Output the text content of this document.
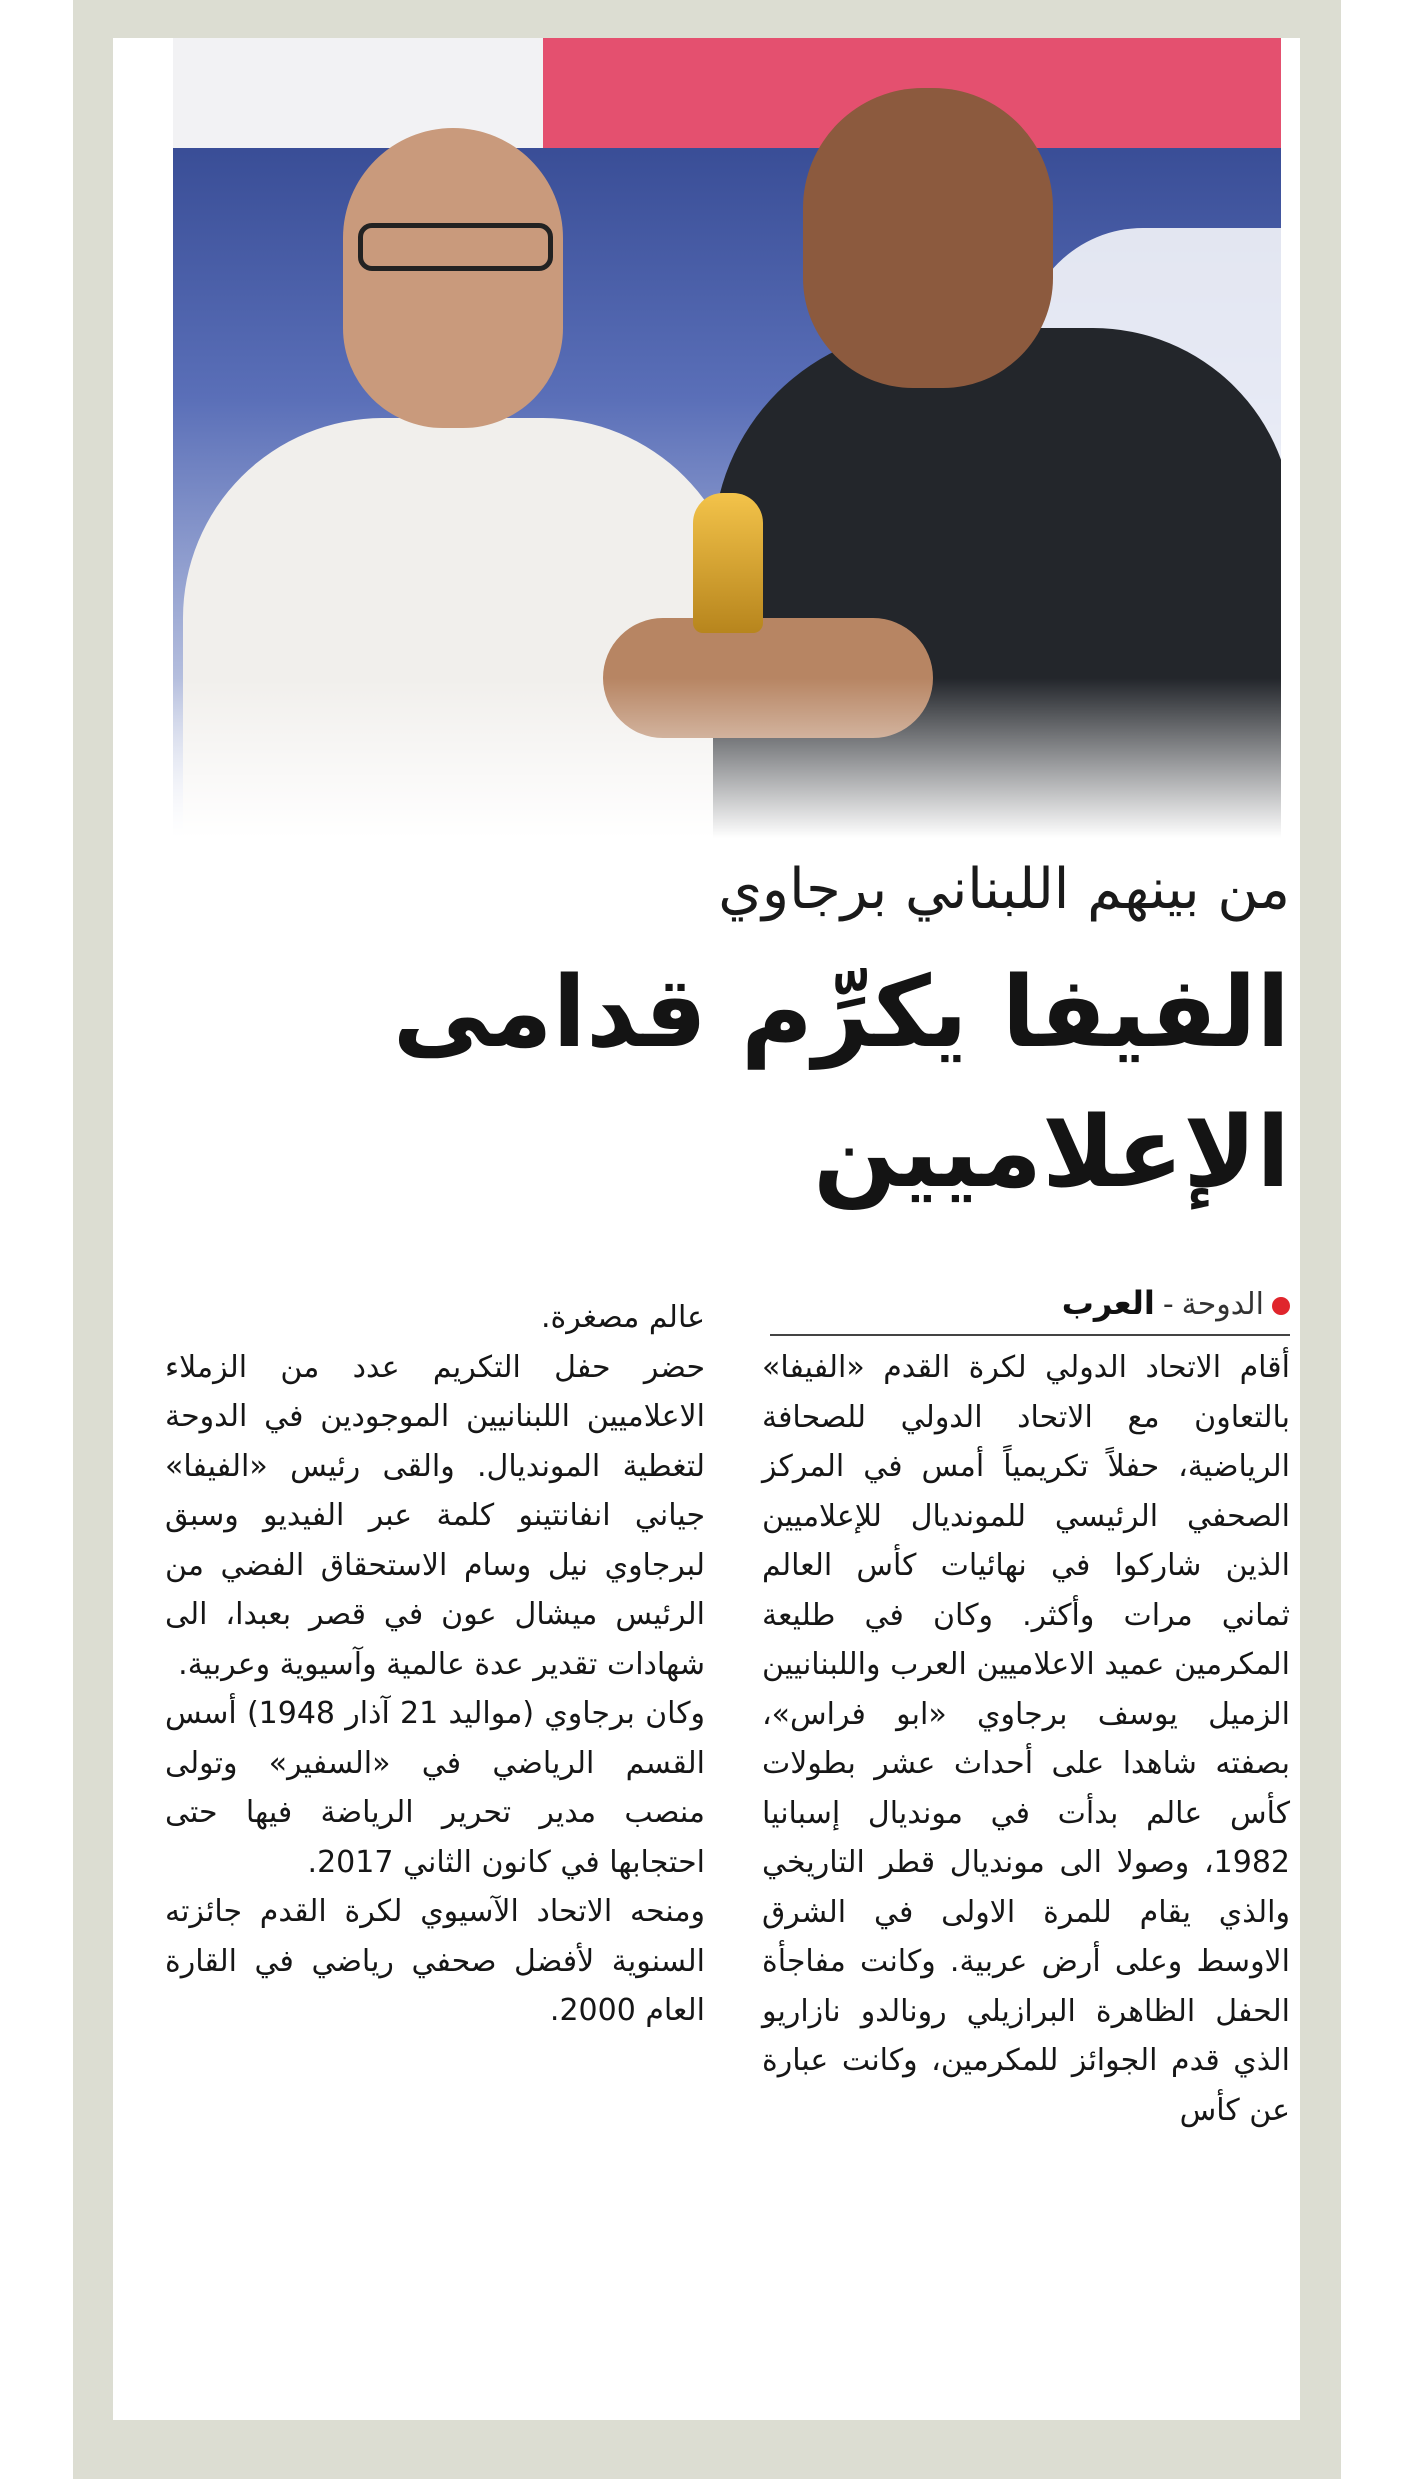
من بينهم اللبناني برجاوي
الفيفا يكرِّم قدامى
الإعلاميين
الدوحة-العرب

أقام الاتحاد الدولي لكرة القدم «الفيفا» بالتعاون مع الاتحاد الدولي للصحافة الرياضية، حفلاً تكريمياً أمس في المركز الصحفي الرئيسي للمونديال للإعلاميين الذين شاركوا في نهائيات كأس العالم ثماني مرات وأكثر. وكان في طليعة المكرمين عميد الاعلاميين العرب واللبنانيين الزميل يوسف برجاوي «ابو فراس»، بصفته شاهدا على أحداث عشر بطولات كأس عالم بدأت في مونديال إسبانيا 1982، وصولا الى مونديال قطر التاريخي والذي يقام للمرة الاولى في الشرق الاوسط وعلى أرض عربية. وكانت مفاجأة الحفل الظاهرة البرازيلي رونالدو نازاريو الذي قدم الجوائز للمكرمين، وكانت عبارة عن كأس

عالم مصغرة.

حضر حفل التكريم عدد من الزملاء الاعلاميين اللبنانيين الموجودين في الدوحة لتغطية المونديال. والقى رئيس «الفيفا» جياني انفانتينو كلمة عبر الفيديو وسبق لبرجاوي نيل وسام الاستحقاق الفضي من الرئيس ميشال عون في قصر بعبدا، الى شهادات تقدير عدة عالمية وآسيوية وعربية.

وكان برجاوي (مواليد 21 آذار 1948) أسس القسم الرياضي في «السفير» وتولى منصب مدير تحرير الرياضة فيها حتى احتجابها في كانون الثاني 2017.

ومنحه الاتحاد الآسيوي لكرة القدم جائزته السنوية لأفضل صحفي رياضي في القارة العام 2000.
